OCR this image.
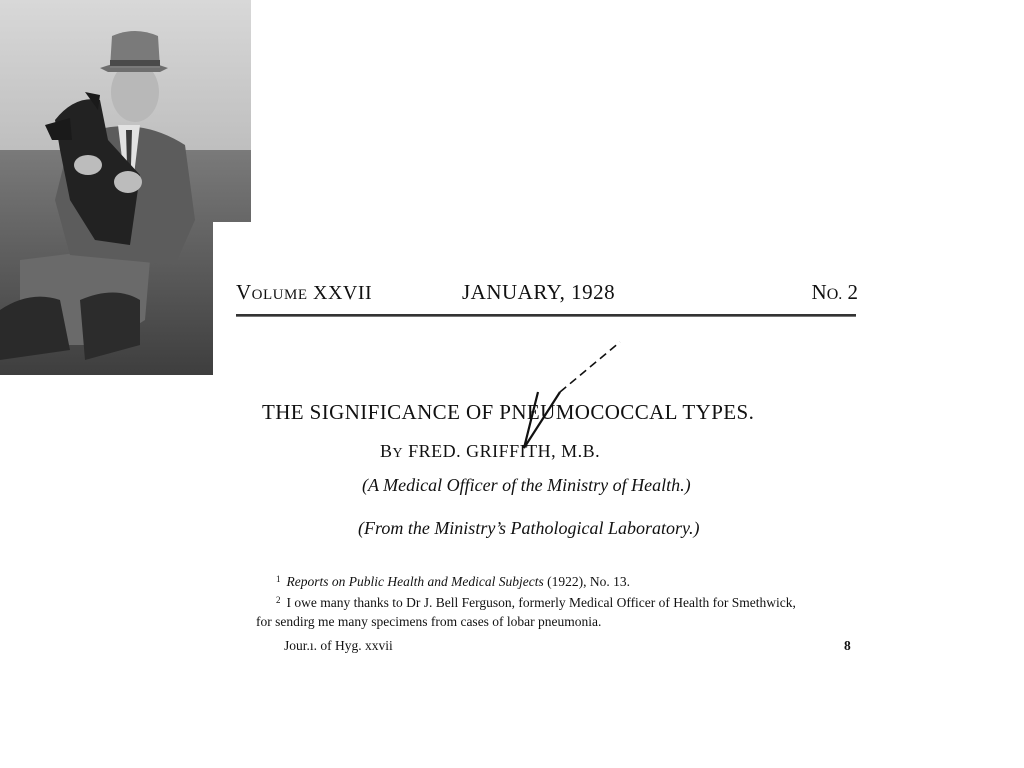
VOLUME XXVII	JANUARY, 1928	NO. 2
THE SIGNIFICANCE OF PNEUMOCOCCAL TYPES.
BY FRED. GRIFFITH, M.B.
(A Medical Officer of the Ministry of Health.)
(From the Ministry’s Pathological Laboratory.)
$^1$ Reports on Public Health and Medical Subjects (1922), No. 13.
$^2$ I owe many thanks to Dr J. Bell Ferguson, formerly Medical Officer of Health for Smethwick,
for sendirg me many specimens from cases of lobar pneumonia.
Jour.ı. of Hyg. xxvii	8
